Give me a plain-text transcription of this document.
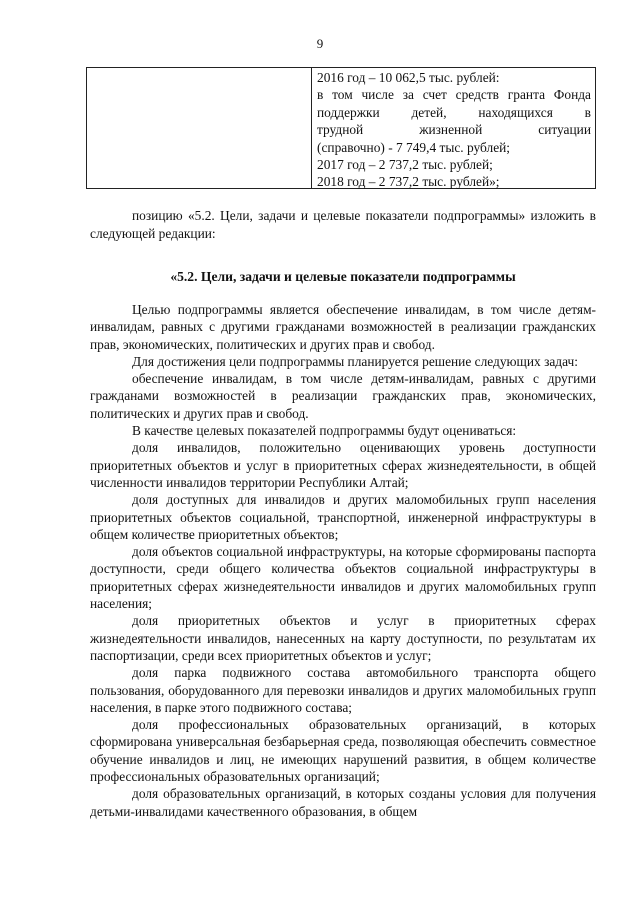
9
2016 год – 10 062,5 тыс. рублей:
в том числе за счет средств гранта Фонда
поддержки детей, находящихся в
трудной жизненной ситуации
(справочно) - 7 749,4 тыс. рублей;
2017 год – 2 737,2 тыс. рублей;
2018 год – 2 737,2 тыс. рублей»;

позицию «5.2. Цели, задачи и целевые показатели подпрограммы» изложить в следующей редакции:

«5.2. Цели, задачи и целевые показатели подпрограммы

Целью подпрограммы является обеспечение инвалидам, в том числе детям-инвалидам, равных с другими гражданами возможностей в реализации гражданских прав, экономических, политических и других прав и свобод.

Для достижения цели подпрограммы планируется решение следующих задач:

обеспечение инвалидам, в том числе детям-инвалидам, равных с другими гражданами возможностей в реализации гражданских прав, экономических, политических и других прав и свобод.

В качестве целевых показателей подпрограммы будут оцениваться:

доля инвалидов, положительно оценивающих уровень доступности приоритетных объектов и услуг в приоритетных сферах жизнедеятельности, в общей численности инвалидов территории Республики Алтай;

доля доступных для инвалидов и других маломобильных групп населения приоритетных объектов социальной, транспортной, инженерной инфраструктуры в общем количестве приоритетных объектов;

доля объектов социальной инфраструктуры, на которые сформированы паспорта доступности, среди общего количества объектов социальной инфраструктуры в приоритетных сферах жизнедеятельности инвалидов и других маломобильных групп населения;

доля приоритетных объектов и услуг в приоритетных сферах жизнедеятельности инвалидов, нанесенных на карту доступности, по результатам их паспортизации, среди всех приоритетных объектов и услуг;

доля парка подвижного состава автомобильного транспорта общего пользования, оборудованного для перевозки инвалидов и других маломобильных групп населения, в парке этого подвижного состава;

доля профессиональных образовательных организаций, в которых сформирована универсальная безбарьерная среда, позволяющая обеспечить совместное обучение инвалидов и лиц, не имеющих нарушений развития, в общем количестве профессиональных образовательных организаций;

доля образовательных организаций, в которых созданы условия для получения детьми-инвалидами качественного образования, в общем
